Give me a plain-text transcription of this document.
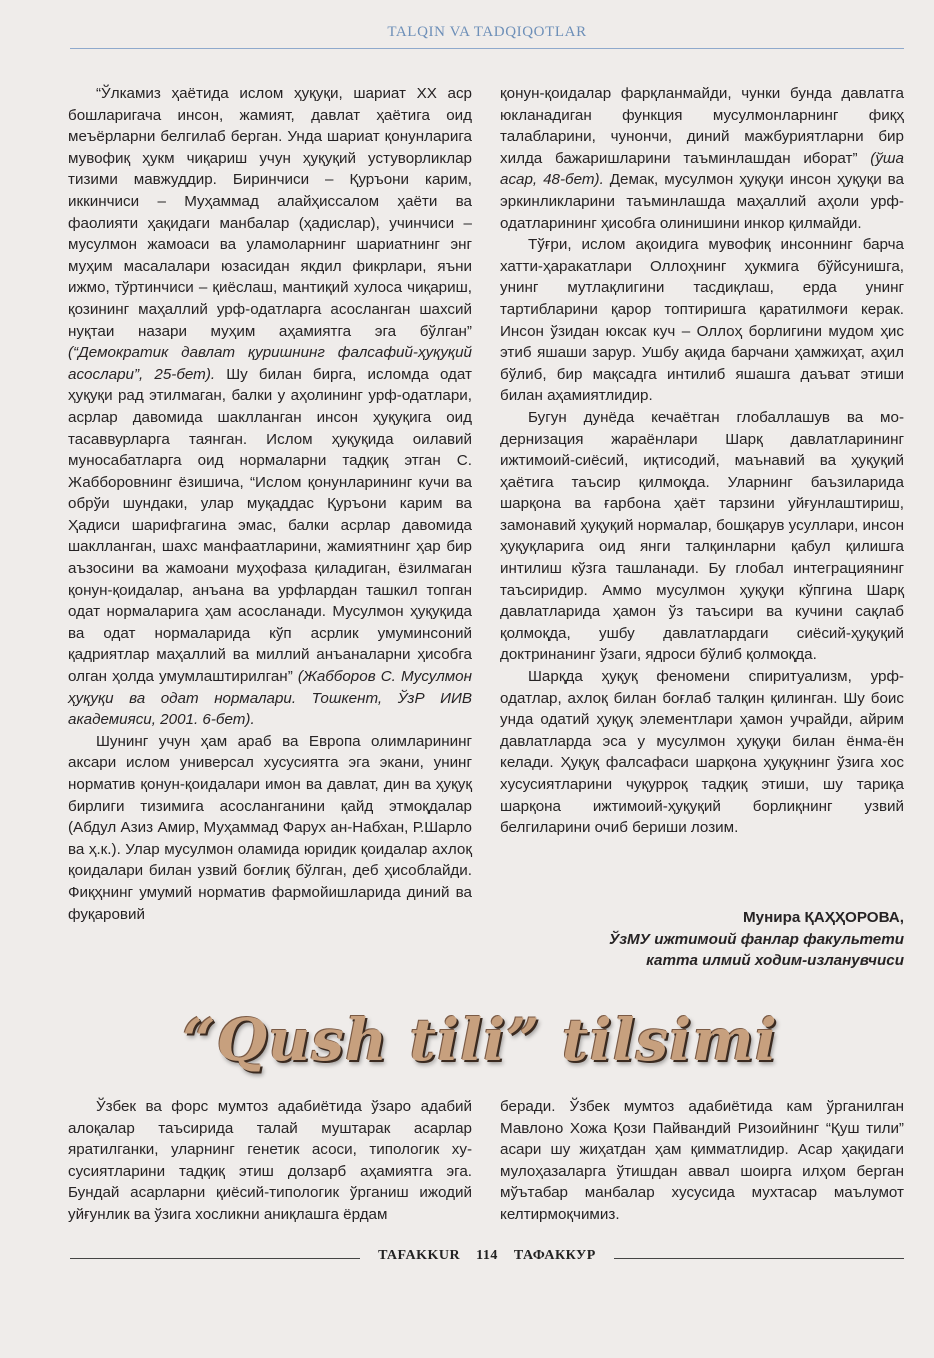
TALQIN VA TADQIQOTLAR

“Ўлкамиз ҳаётида ислом ҳуқуқи, шариат XX аср бошларигача инсон, жамият, давлат ҳаётига оид меъёрларни белгилаб берган. Унда шариат қонунларига мувофиқ ҳукм чиқариш учун ҳуқуқий устуворликлар тизими мавжуддир. Биринчиси – Қуръони карим, иккинчиси – Муҳаммад алайҳиссалом ҳаёти ва фаолияти ҳақидаги манбалар (ҳадислар), учинчиси – мусулмон жамоаси ва уламоларнинг шариатнинг энг муҳим масалалари юзасидан якдил фикрлари, яъни ижмо, тўртинчиси – қиёслаш, мантиқий хулоса чиқариш, қозининг маҳаллий урф-одатларга асосланган шахсий нуқтаи назари муҳим аҳамиятга эга бўлган” (“Демократик давлат қуришнинг фалсафий-ҳуқуқий асослари”, 25-бет). Шу билан бирга, исломда одат ҳуқуқи рад этилмаган, балки у аҳолининг урф-одатлари, асрлар давомида шаклланган инсон ҳуқуқига оид тасаввурларга таянган. Ислом ҳуқуқида оилавий муносабатларга оид нормаларни тадқиқ этган С. Жабборовнинг ёзишича, “Ислом қонунларининг кучи ва обрўи шундаки, улар муқаддас Қуръони карим ва Ҳадиси шарифгагина эмас, балки асрлар давомида шаклланган, шахс манфаатларини, жамиятнинг ҳар бир аъзосини ва жамоани муҳофаза қиладиган, ёзилмаган қонун-қоидалар, анъана ва урфлардан ташкил топган одат нормаларига ҳам асосланади. Мусулмон ҳуқуқида ва одат нормаларида кўп асрлик умуминсоний қадриятлар маҳаллий ва миллий анъаналарни ҳисобга олган ҳолда умумлаштирилган” (Жабборов С. Мусулмон ҳуқуқи ва одат нормалари. Тошкент, ЎзР ИИВ академияси, 2001. 6-бет).

Шунинг учун ҳам араб ва Европа олимларининг аксари ислом универсал хусусиятга эга экани, унинг норматив қонун-қоидалари имон ва давлат, дин ва ҳуқуқ бирлиги тизимига асосланганини қайд этмоқдалар (Абдул Азиз Амир, Муҳаммад Фарух ан-Набхан, Р.Шарло ва ҳ.к.). Улар мусулмон оламида юридик қоидалар ахлоқ қоидалари билан узвий боғлиқ бўлган, деб ҳисоблайди. Фиқҳнинг умумий норматив фармойишларида диний ва фуқаровий

қонун-қоидалар фарқланмайди, чунки бунда давлатга юкланадиган функция мусулмонларнинг фиқҳ талабларини, чунончи, диний мажбуриятларни бир хилда бажаришларини таъминлашдан иборат” (ўша асар, 48-бет). Демак, мусулмон ҳуқуқи инсон ҳуқуқи ва эркинликларини таъминлашда маҳаллий аҳоли урф-одатларининг ҳисобга олинишини инкор қилмайди.

Тўғри, ислом ақоидига мувофиқ инсоннинг барча хатти-ҳаракатлари Оллоҳнинг ҳукмига бўйсунишга, унинг мутлақлигини тасдиқлаш, ерда унинг тартибларини қарор топтиришга қаратилмоғи керак. Инсон ўзидан юксак куч – Оллоҳ борлигини мудом ҳис этиб яшаши зарур. Ушбу ақида барчани ҳамжиҳат, аҳил бўлиб, бир мақсадга интилиб яшашга даъват этиши билан аҳамиятлидир.

Бугун дунёда кечаётган глобаллашув ва модернизация жараёнлари Шарқ давлатларининг ижтимоий-сиёсий, иқтисодий, маънавий ва ҳуқуқий ҳаётига таъсир қилмоқда. Уларнинг баъзиларида шарқона ва ғарбона ҳаёт тарзини уйғунлаштириш, замонавий ҳуқуқий нормалар, бошқарув усуллари, инсон ҳуқуқларига оид янги талқинларни қабул қилишга интилиш кўзга ташланади. Бу глобал интеграциянинг таъсиридир. Аммо мусулмон ҳуқуқи кўпгина Шарқ давлатларида ҳамон ўз таъсири ва кучини сақлаб қолмоқда, ушбу давлатлардаги сиёсий-ҳуқуқий доктринанинг ўзаги, ядроси бўлиб қолмоқда.

Шарқда ҳуқуқ феномени спиритуализм, урф-одатлар, ахлоқ билан боғлаб талқин қилинган. Шу боис унда одатий ҳуқуқ элементлари ҳамон учрайди, айрим давлатларда эса у мусулмон ҳуқуқи билан ёнма-ён келади. Ҳуқуқ фалсафаси шарқона ҳуқуқнинг ўзига хос хусусиятларини чуқурроқ тадқиқ этиши, шу тариқа шарқона ижтимоий-ҳуқуқий борлиқнинг узвий белгиларини очиб бериши лозим.

Мунира ҚАҲҲОРОВА,
ЎзМУ ижтимоий фанлар факультети
катта илмий ходим-изланувчиси
“Qush tili” tilsimi

Ўзбек ва форс мумтоз адабиётида ўзаро адабий алоқалар таъсирида талай муштарак асарлар яратилганки, уларнинг генетик асоси, типологик хусусиятларини тадқиқ этиш долзарб аҳамиятга эга. Бундай асарларни қиёсий-типологик ўрганиш ижодий уйғунлик ва ўзига хосликни аниқлашга ёрдам

беради. Ўзбек мумтоз адабиётида кам ўрганилган Мавлоно Хожа Қози Пайвандий Ризоийнинг “Қуш тили” асари шу жиҳатдан ҳам қимматлидир. Асар ҳақидаги мулоҳазаларга ўтишдан аввал шоирга илҳом берган мўътабар манбалар хусусида мухтасар маълумот келтирмоқчимиз.

TAFAKKUR 114 ТАФАККУР
